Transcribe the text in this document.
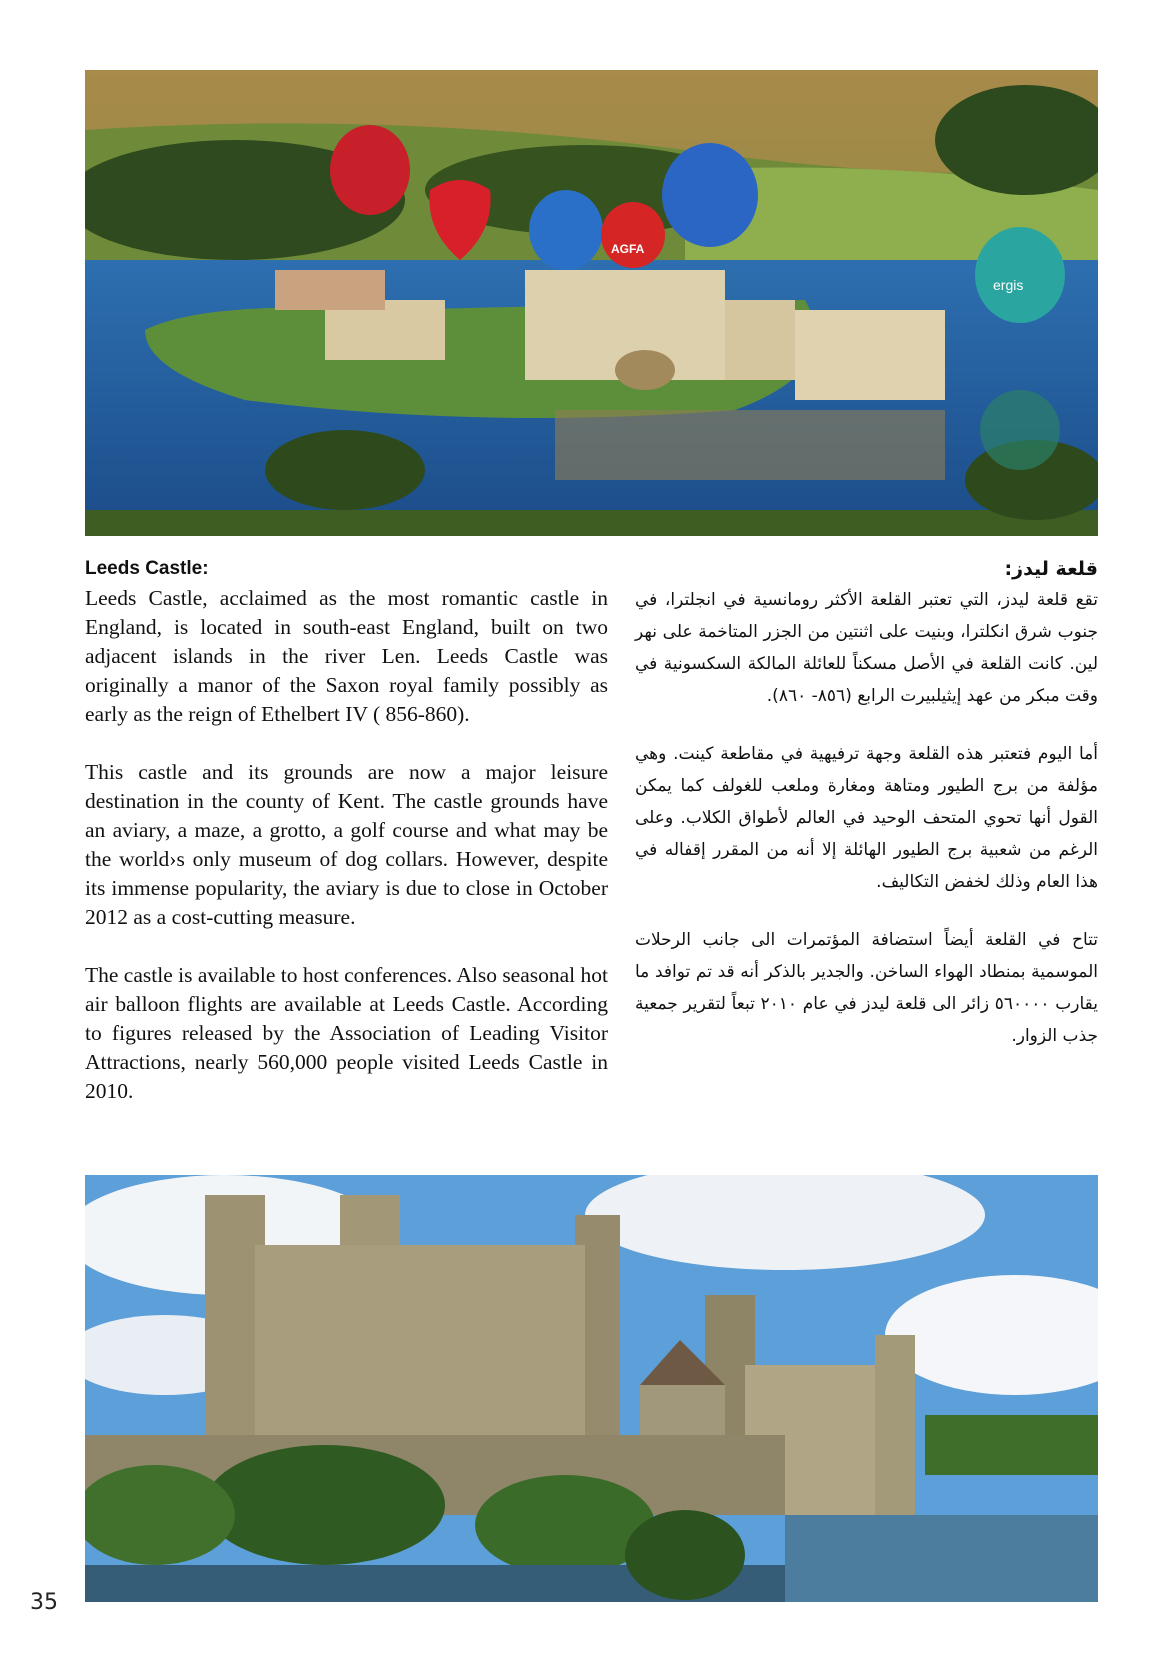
AGFA
ergis
Leeds Castle:

Leeds Castle, acclaimed as the most romantic castle in England, is located in south-east England, built on two adjacent islands in the river Len. Leeds Castle was originally a manor of the Saxon royal family possibly as early as the reign of Ethelbert IV ( 856-860).

This castle and its grounds are now a major leisure destination in the county of Kent. The castle grounds have an aviary, a maze, a grotto, a golf course and what may be the world›s only museum of dog collars. However, despite its immense popularity, the aviary is due to close in October 2012 as a cost-cutting measure.

The castle is available to host conferences. Also seasonal hot air balloon flights are available at Leeds Castle. According to figures released by the Association of Leading Visitor Attractions, nearly 560,000 people visited Leeds Castle in 2010.

قلعة ليدز:

تقع قلعة ليدز، التي تعتبر القلعة الأكثر رومانسية في انجلترا، في جنوب شرق انكلترا، وبنيت على اثنتين من الجزر المتاخمة على نهر لين. كانت القلعة في الأصل مسكناً للعائلة المالكة السكسونية في وقت مبكر من عهد إيثيلبيرت الرابع (٨٥٦- ٨٦٠).

أما اليوم فتعتبر هذه القلعة وجهة ترفيهية في مقاطعة كينت. وهي مؤلفة من برج الطيور ومتاهة ومغارة وملعب للغولف كما يمكن القول أنها تحوي المتحف الوحيد في العالم لأطواق الكلاب. وعلى الرغم من شعبية برج الطيور الهائلة إلا أنه من المقرر إقفاله في هذا العام وذلك لخفض التكاليف.

تتاح في القلعة أيضاً استضافة المؤتمرات الى جانب الرحلات الموسمية بمنطاد الهواء الساخن. والجدير بالذكر أنه قد تم توافد ما يقارب ٥٦٠٠٠٠ زائر الى قلعة ليدز في عام ٢٠١٠ تبعاً لتقرير جمعية جذب الزوار.

35
